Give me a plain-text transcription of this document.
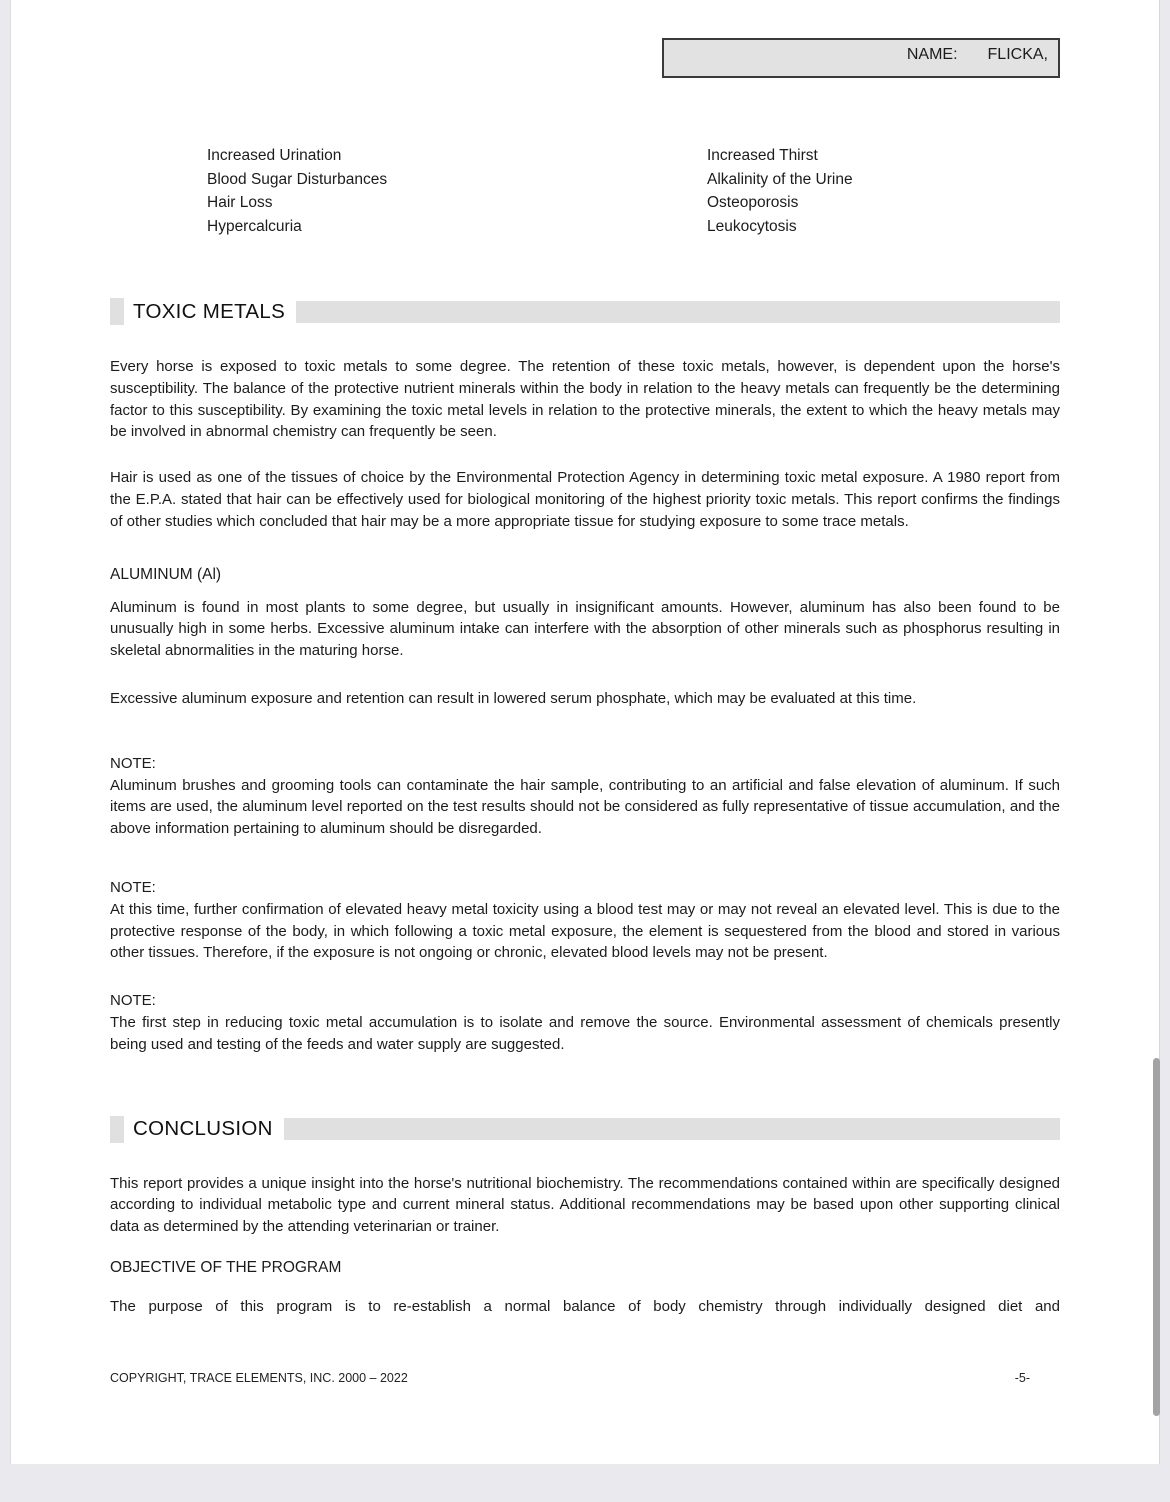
NAME: FLICKA,
Increased Urination
Blood Sugar Disturbances
Hair Loss
Hypercalcuria
Increased Thirst
Alkalinity of the Urine
Osteoporosis
Leukocytosis
TOXIC METALS

Every horse is exposed to toxic metals to some degree. The retention of these toxic metals, however, is dependent upon the horse's susceptibility. The balance of the protective nutrient minerals within the body in relation to the heavy metals can frequently be the determining factor to this susceptibility. By examining the toxic metal levels in relation to the protective minerals, the extent to which the heavy metals may be involved in abnormal chemistry can frequently be seen.

Hair is used as one of the tissues of choice by the Environmental Protection Agency in determining toxic metal exposure. A 1980 report from the E.P.A. stated that hair can be effectively used for biological monitoring of the highest priority toxic metals. This report confirms the findings of other studies which concluded that hair may be a more appropriate tissue for studying exposure to some trace metals.

ALUMINUM (Al)

Aluminum is found in most plants to some degree, but usually in insignificant amounts. However, aluminum has also been found to be unusually high in some herbs. Excessive aluminum intake can interfere with the absorption of other minerals such as phosphorus resulting in skeletal abnormalities in the maturing horse.

Excessive aluminum exposure and retention can result in lowered serum phosphate, which may be evaluated at this time.

NOTE:

Aluminum brushes and grooming tools can contaminate the hair sample, contributing to an artificial and false elevation of aluminum. If such items are used, the aluminum level reported on the test results should not be considered as fully representative of tissue accumulation, and the above information pertaining to aluminum should be disregarded.

NOTE:

At this time, further confirmation of elevated heavy metal toxicity using a blood test may or may not reveal an elevated level. This is due to the protective response of the body, in which following a toxic metal exposure, the element is sequestered from the blood and stored in various other tissues. Therefore, if the exposure is not ongoing or chronic, elevated blood levels may not be present.

NOTE:

The first step in reducing toxic metal accumulation is to isolate and remove the source. Environmental assessment of chemicals presently being used and testing of the feeds and water supply are suggested.

CONCLUSION

This report provides a unique insight into the horse's nutritional biochemistry. The recommendations contained within are specifically designed according to individual metabolic type and current mineral status. Additional recommendations may be based upon other supporting clinical data as determined by the attending veterinarian or trainer.

OBJECTIVE OF THE PROGRAM

The purpose of this program is to re-establish a normal balance of body chemistry through individually designed diet and

COPYRIGHT, TRACE ELEMENTS, INC. 2000 – 2022	-5-
